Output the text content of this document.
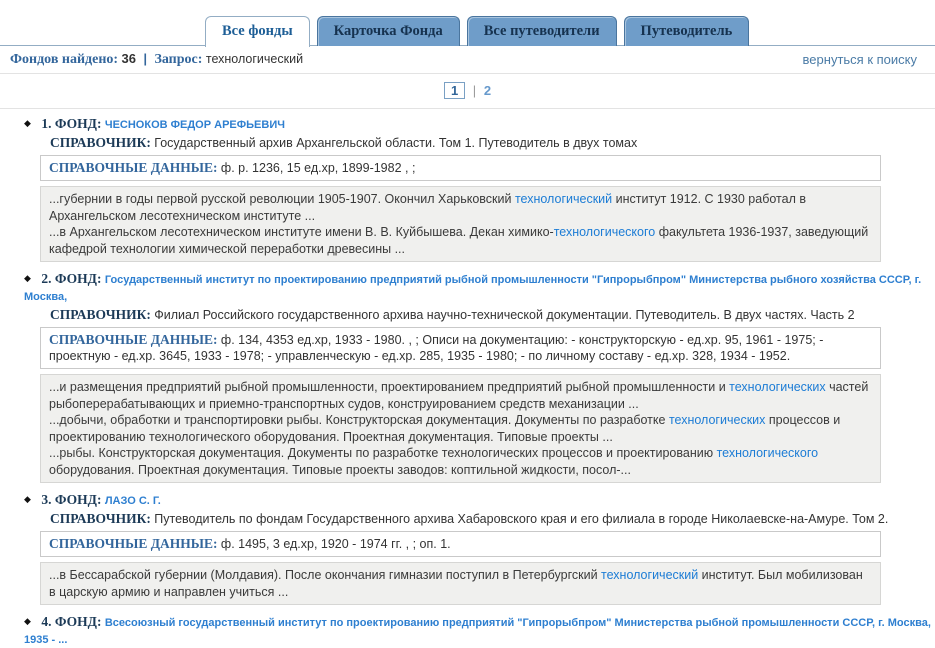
Все фонды	Карточка Фонда	Все путеводители	Путеводитель
Фондов найдено: 36 | Запрос: технологический	вернуться к поиску
1 | 2
◆ 1. ФОНД: ЧЕСНОКОВ ФЕДОР АРЕФЬЕВИЧ
СПРАВОЧНИК: Государственный архив Архангельской области. Том 1. Путеводитель в двух томах
СПРАВОЧНЫЕ ДАННЫЕ: ф. р. 1236, 15 ед.хр, 1899-1982 , ;
...губернии в годы первой русской революции 1905-1907. Окончил Харьковский технологический институт 1912. С 1930 работал в Архангельском лесотехническом институте ...
...в Архангельском лесотехническом институте имени В. В. Куйбышева. Декан химико-технологического факультета 1936-1937, заведующий кафедрой технологии химической переработки древесины ...
◆ 2. ФОНД: Государственный институт по проектированию предприятий рыбной промышленности "Гипрорыбпром" Министерства рыбного хозяйства СССР, г. Москва,
СПРАВОЧНИК: Филиал Российского государственного архива научно-технической документации. Путеводитель. В двух частях. Часть 2
СПРАВОЧНЫЕ ДАННЫЕ: ф. 134, 4353 ед.хр, 1933 - 1980. , ; Описи на документацию: - конструкторскую - ед.хр. 95, 1961 - 1975; - проектную - ед.хр. 3645, 1933 - 1978; - управленческую - ед.хр. 285, 1935 - 1980; - по личному составу - ед.хр. 328, 1934 - 1952.
...и размещения предприятий рыбной промышленности, проектированием предприятий рыбной промышленности и технологических частей рыбоперерабатывающих и приемно-транспортных судов, конструированием средств механизации ...
...добычи, обработки и транспортировки рыбы. Конструкторская документация. Документы по разработке технологических процессов и проектированию технологического оборудования. Проектная документация. Типовые проекты ...
...рыбы. Конструкторская документация. Документы по разработке технологических процессов и проектированию технологического оборудования. Проектная документация. Типовые проекты заводов: коптильной жидкости, посол-...
◆ 3. ФОНД: ЛАЗО С. Г.
СПРАВОЧНИК: Путеводитель по фондам Государственного архива Хабаровского края и его филиала в городе Николаевске-на-Амуре. Том 2.
СПРАВОЧНЫЕ ДАННЫЕ: ф. 1495, 3 ед.хр, 1920 - 1974 гг. , ; оп. 1.
...в Бессарабской губернии (Молдавия). После окончания гимназии поступил в Петербургский технологический институт. Был мобилизован в царскую армию и направлен учиться ...
◆ 4. ФОНД: Всесоюзный государственный институт по проектированию предприятий "Гипрорыбпром" Министерства рыбной промышленности СССР, г. Москва, 1935 - ...
